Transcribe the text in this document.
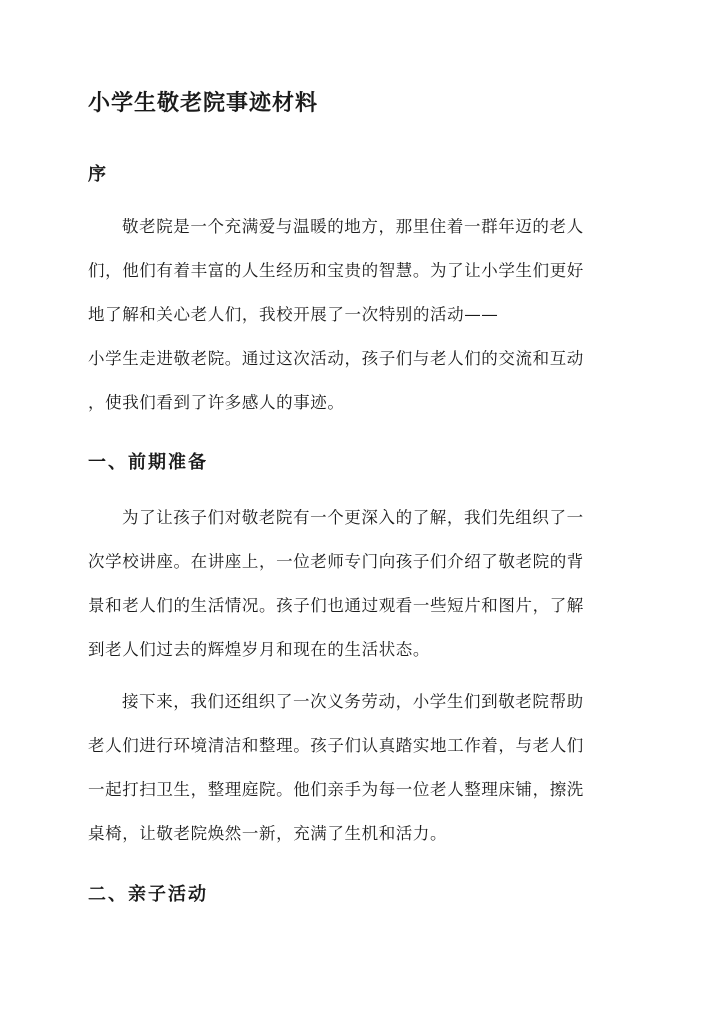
小学生敬老院事迹材料
序
敬老院是一个充满爱与温暖的地方，那里住着一群年迈的老人
们，他们有着丰富的人生经历和宝贵的智慧。为了让小学生们更好
地了解和关心老人们，我校开展了一次特别的活动——
小学生走进敬老院。通过这次活动，孩子们与老人们的交流和互动
，使我们看到了许多感人的事迹。
一、前期准备
为了让孩子们对敬老院有一个更深入的了解，我们先组织了一
次学校讲座。在讲座上，一位老师专门向孩子们介绍了敬老院的背
景和老人们的生活情况。孩子们也通过观看一些短片和图片，了解
到老人们过去的辉煌岁月和现在的生活状态。
接下来，我们还组织了一次义务劳动，小学生们到敬老院帮助
老人们进行环境清洁和整理。孩子们认真踏实地工作着，与老人们
一起打扫卫生，整理庭院。他们亲手为每一位老人整理床铺，擦洗
桌椅，让敬老院焕然一新，充满了生机和活力。
二、亲子活动
